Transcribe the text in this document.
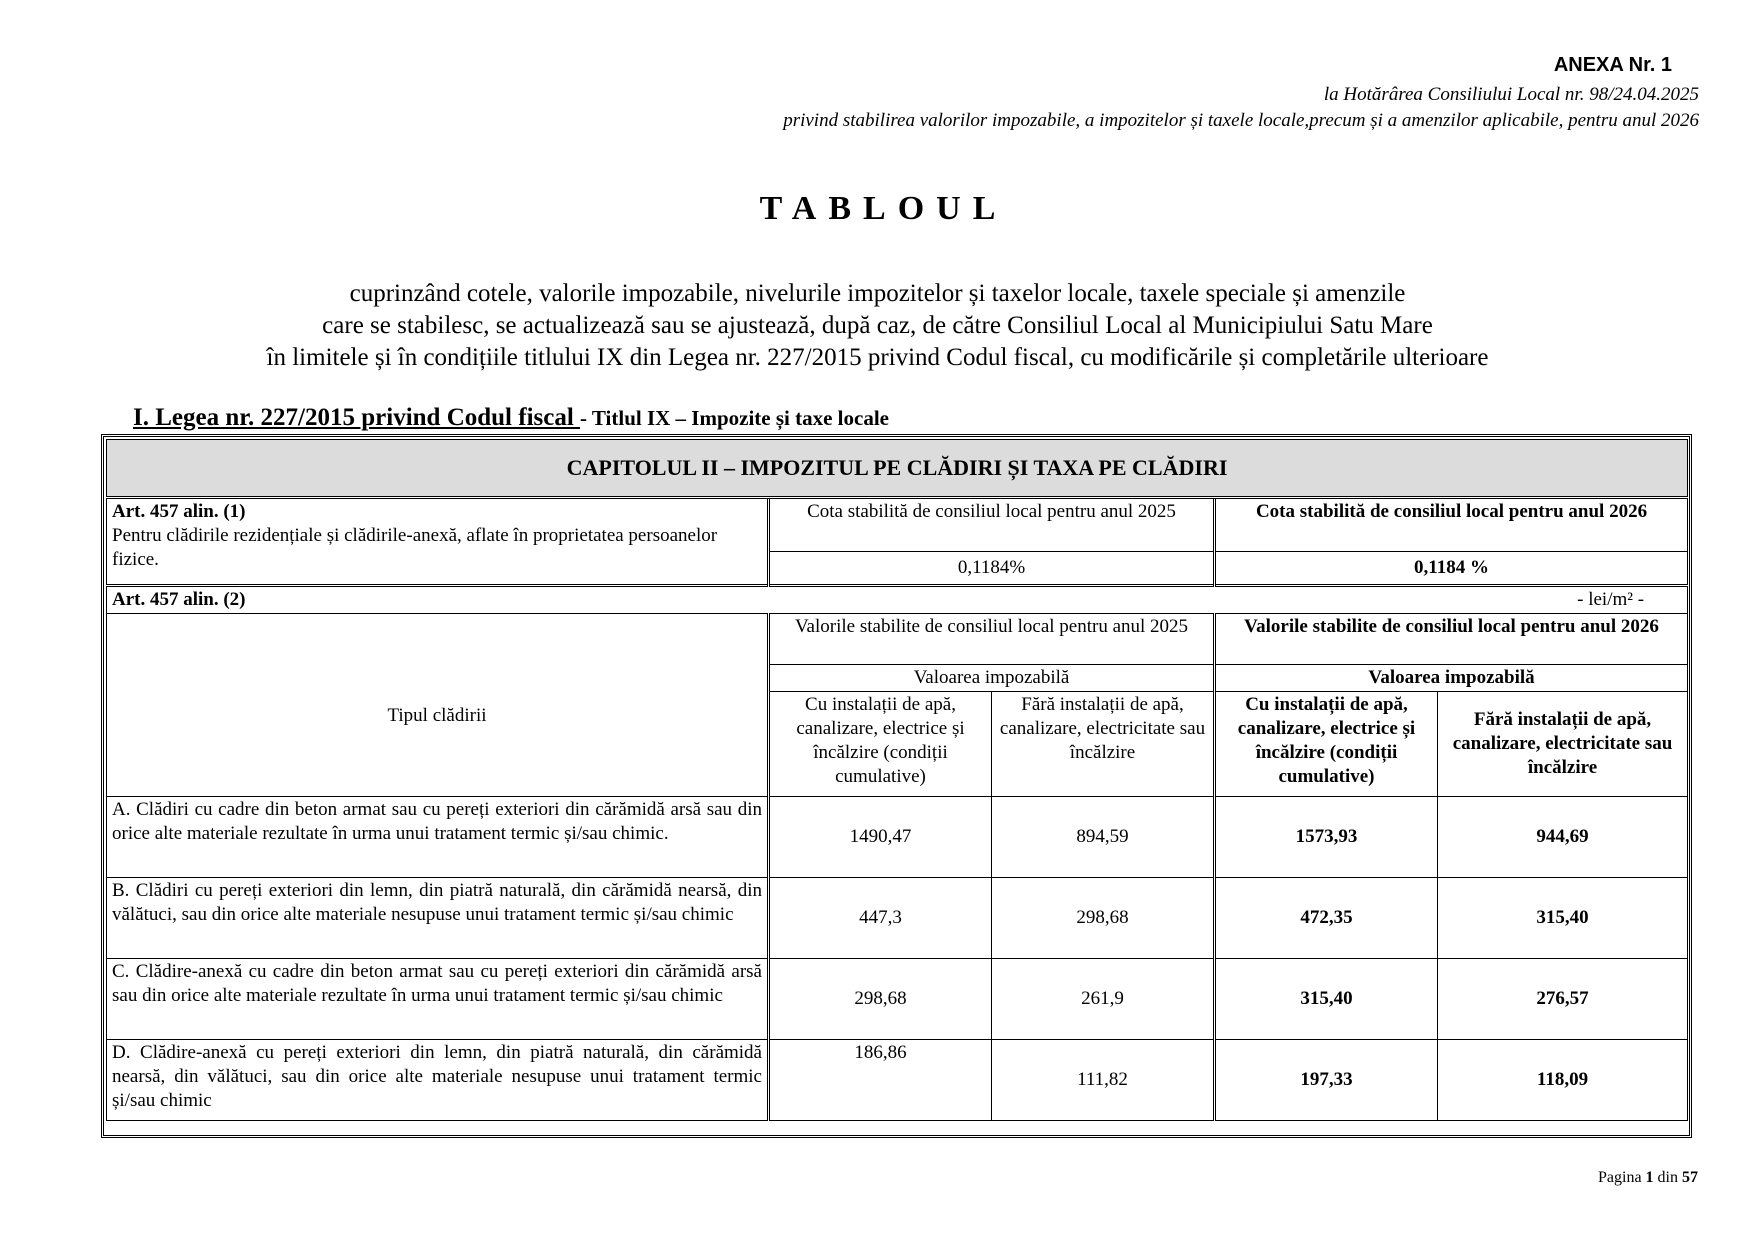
ANEXA Nr. 1
la Hotărârea Consiliului Local nr. 98/24.04.2025
privind stabilirea valorilor impozabile, a impozitelor și taxele locale,precum și a amenzilor aplicabile, pentru anul 2026
TABLOUL
cuprinzând cotele, valorile impozabile, nivelurile impozitelor și taxelor locale, taxele speciale și amenzile
care se stabilesc, se actualizează sau se ajustează, după caz, de către Consiliul Local al Municipiului Satu Mare
în limitele și în condițiile titlului IX din Legea nr. 227/2015 privind Codul fiscal, cu modificările și completările ulterioare
I. Legea nr. 227/2015 privind Codul fiscal - Titlul IX – Impozite și taxe locale
CAPITOLUL II – IMPOZITUL PE CLĂDIRI ȘI TAXA PE CLĂDIRI				
Art. 457 alin. (1)
Pentru clădirile rezidențiale și clădirile-anexă, aflate în proprietatea persoanelor fizice.	Cota stabilită de consiliul local pentru anul 2025		Cota stabilită de consiliul local pentru anul 2026	
	0,1184%		0,1184 %	
Art. 457 alin. (2) - lei/m² -				

Tipul clădirii	Valorile stabilite de consiliul local pentru anul 2025		Valorile stabilite de consiliul local pentru anul 2026	
	Valoarea impozabilă		Valoarea impozabilă	
	Cu instalații de apă, canalizare, electrice și încălzire (condiții cumulative)	Fără instalații de apă, canalizare, electricitate sau încălzire	Cu instalații de apă, canalizare, electrice și încălzire (condiții cumulative)	Fără instalații de apă, canalizare, electricitate sau încălzire
A. Clădiri cu cadre din beton armat sau cu pereți exteriori din cărămidă arsă sau din orice alte materiale rezultate în urma unui tratament termic și/sau chimic.	1490,47	894,59	1573,93	944,69
B. Clădiri cu pereți exteriori din lemn, din piatră naturală, din cărămidă nearsă, din vălătuci, sau din orice alte materiale nesupuse unui tratament termic și/sau chimic	447,3	298,68	472,35	315,40
C. Clădire-anexă cu cadre din beton armat sau cu pereți exteriori din cărămidă arsă sau din orice alte materiale rezultate în urma unui tratament termic și/sau chimic	298,68	261,9	315,40	276,57
D. Clădire-anexă cu pereți exteriori din lemn, din piatră naturală, din cărămidă nearsă, din vălătuci, sau din orice alte materiale nesupuse unui tratament termic și/sau chimic	186,86	111,82	197,33	118,09
Pagina 1 din 57
